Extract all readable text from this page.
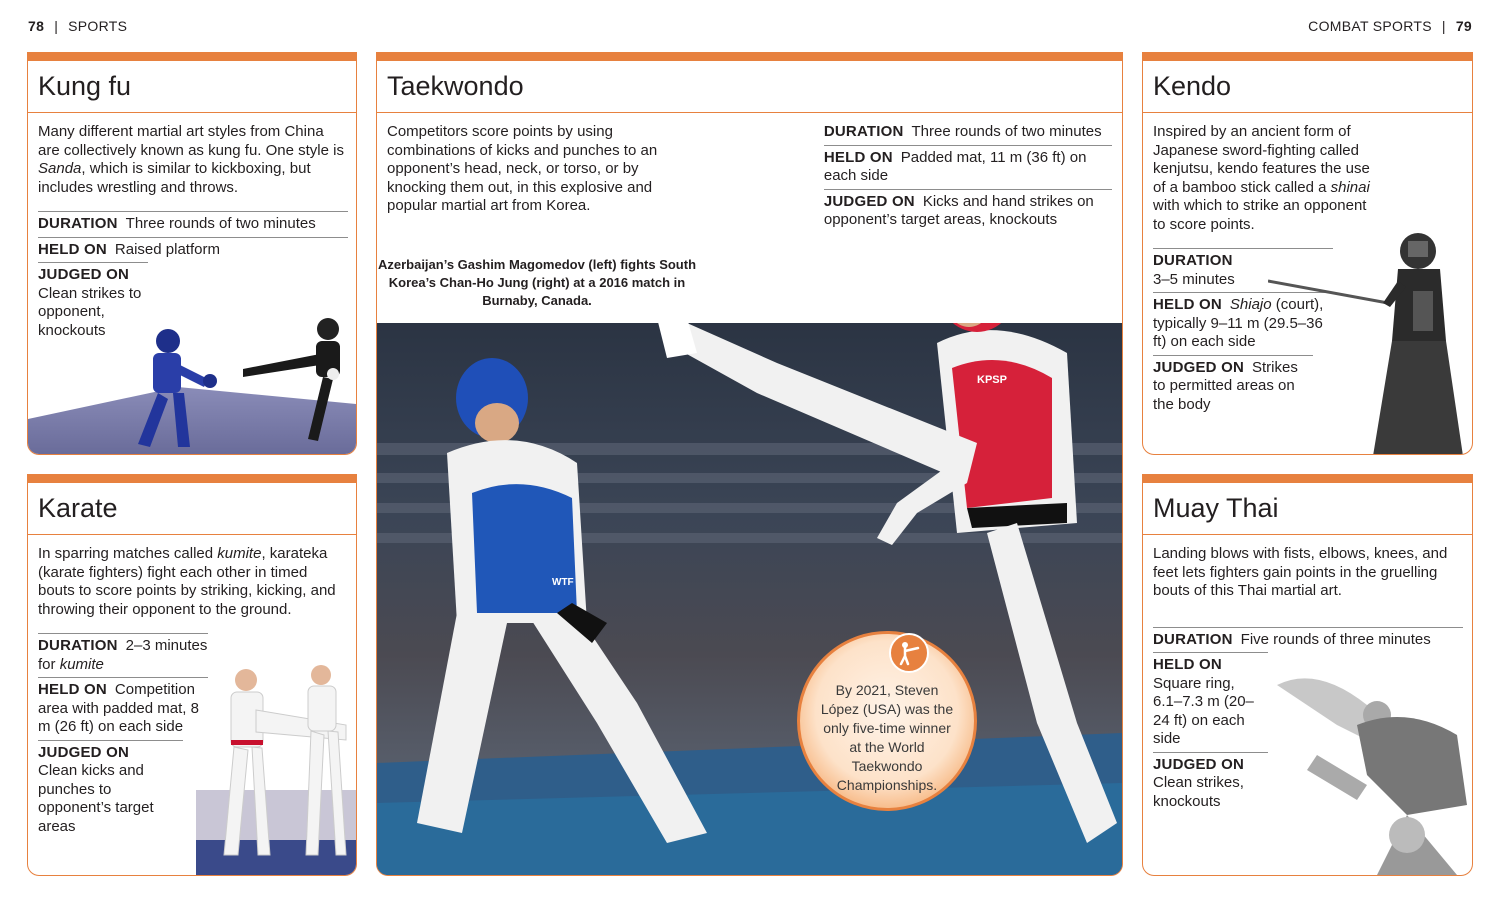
78 | SPORTS	COMBAT SPORTS | 79
Kung fu

Many different martial art styles from China are collectively known as kung fu. One style is Sanda, which is similar to kickboxing, but includes wrestling and throws.

DURATION Three rounds of two minutes
HELD ON Raised platform
JUDGED ON
Clean strikes to opponent, knockouts
Karate

In sparring matches called kumite, karateka (karate fighters) fight each other in timed bouts to score points by striking, kicking, and throwing their opponent to the ground.

DURATION 2–3 minutes for kumite
HELD ON Competition area with padded mat, 8 m (26 ft) on each side
JUDGED ON
Clean kicks and punches to opponent’s target areas
Taekwondo

Competitors score points by using combinations of kicks and punches to an opponent’s head, neck, or torso, or by knocking them out, in this explosive and popular martial art from Korea.

DURATION Three rounds of two minutes
HELD ON Padded mat, 11 m (36 ft) on each side
JUDGED ON Kicks and hand strikes on opponent’s target areas, knockouts
Azerbaijan’s Gashim Magomedov (left) fights South Korea’s Chan-Ho Jung (right) at a 2016 match in Burnaby, Canada.
WTF
KPSP
By 2021, Steven López (USA) was the only five-time winner at the World Taekwondo Championships.
Kendo

Inspired by an ancient form of Japanese sword-fighting called kenjutsu, kendo features the use of a bamboo stick called a shinai with which to strike an opponent to score points.

DURATION
3–5 minutes
HELD ON Shiajo (court), typically 9–11 m (29.5–36 ft) on each side
JUDGED ON Strikes to permitted areas on the body
Muay Thai

Landing blows with fists, elbows, knees, and feet lets fighters gain points in the gruelling bouts of this Thai martial art.

DURATION Five rounds of three minutes
HELD ON
Square ring, 6.1–7.3 m (20–24 ft) on each side
JUDGED ON
Clean strikes, knockouts
